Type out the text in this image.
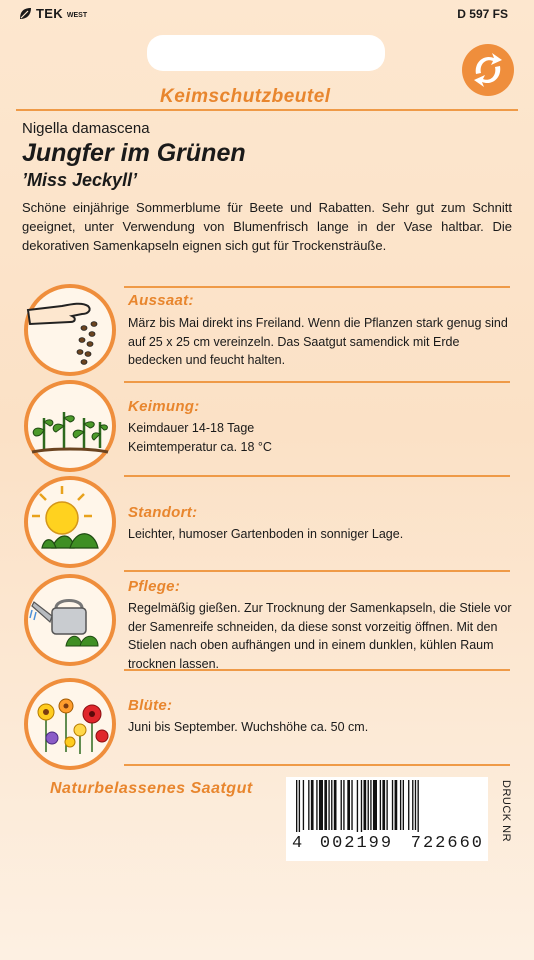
TEK WEST	D 597 FS
Keimschutzbeutel
Nigella damascena
Jungfer im Grünen
’Miss Jeckyll’
Schöne einjährige Sommerblume für Beete und Rabatten. Sehr gut zum Schnitt geeignet, unter Verwendung von Blumenfrisch lange in der Vase haltbar. Die dekorativen Samenkapseln eignen sich gut für Trockensträuße.
Aussaat:
März bis Mai direkt ins Freiland. Wenn die Pflanzen stark genug sind auf 25 x 25 cm vereinzeln. Das Saatgut samendick mit Erde bedecken und feucht halten.
Keimung:
Keimdauer 14-18 Tage
Keimtemperatur ca. 18 °C
Standort:
Leichter, humoser Gartenboden in sonniger Lage.
Pflege:
Regelmäßig gießen. Zur Trocknung der Samenkapseln, die Stiele vor der Samenreife schneiden, da diese sonst vorzeitig öffnen. Mit den Stielen nach oben aufhängen und in einem dunklen, kühlen Raum trocknen lassen.
Blüte:
Juni bis September. Wuchshöhe ca. 50 cm.
Naturbelassenes Saatgut
4 002199 722660
DRUCK NR
